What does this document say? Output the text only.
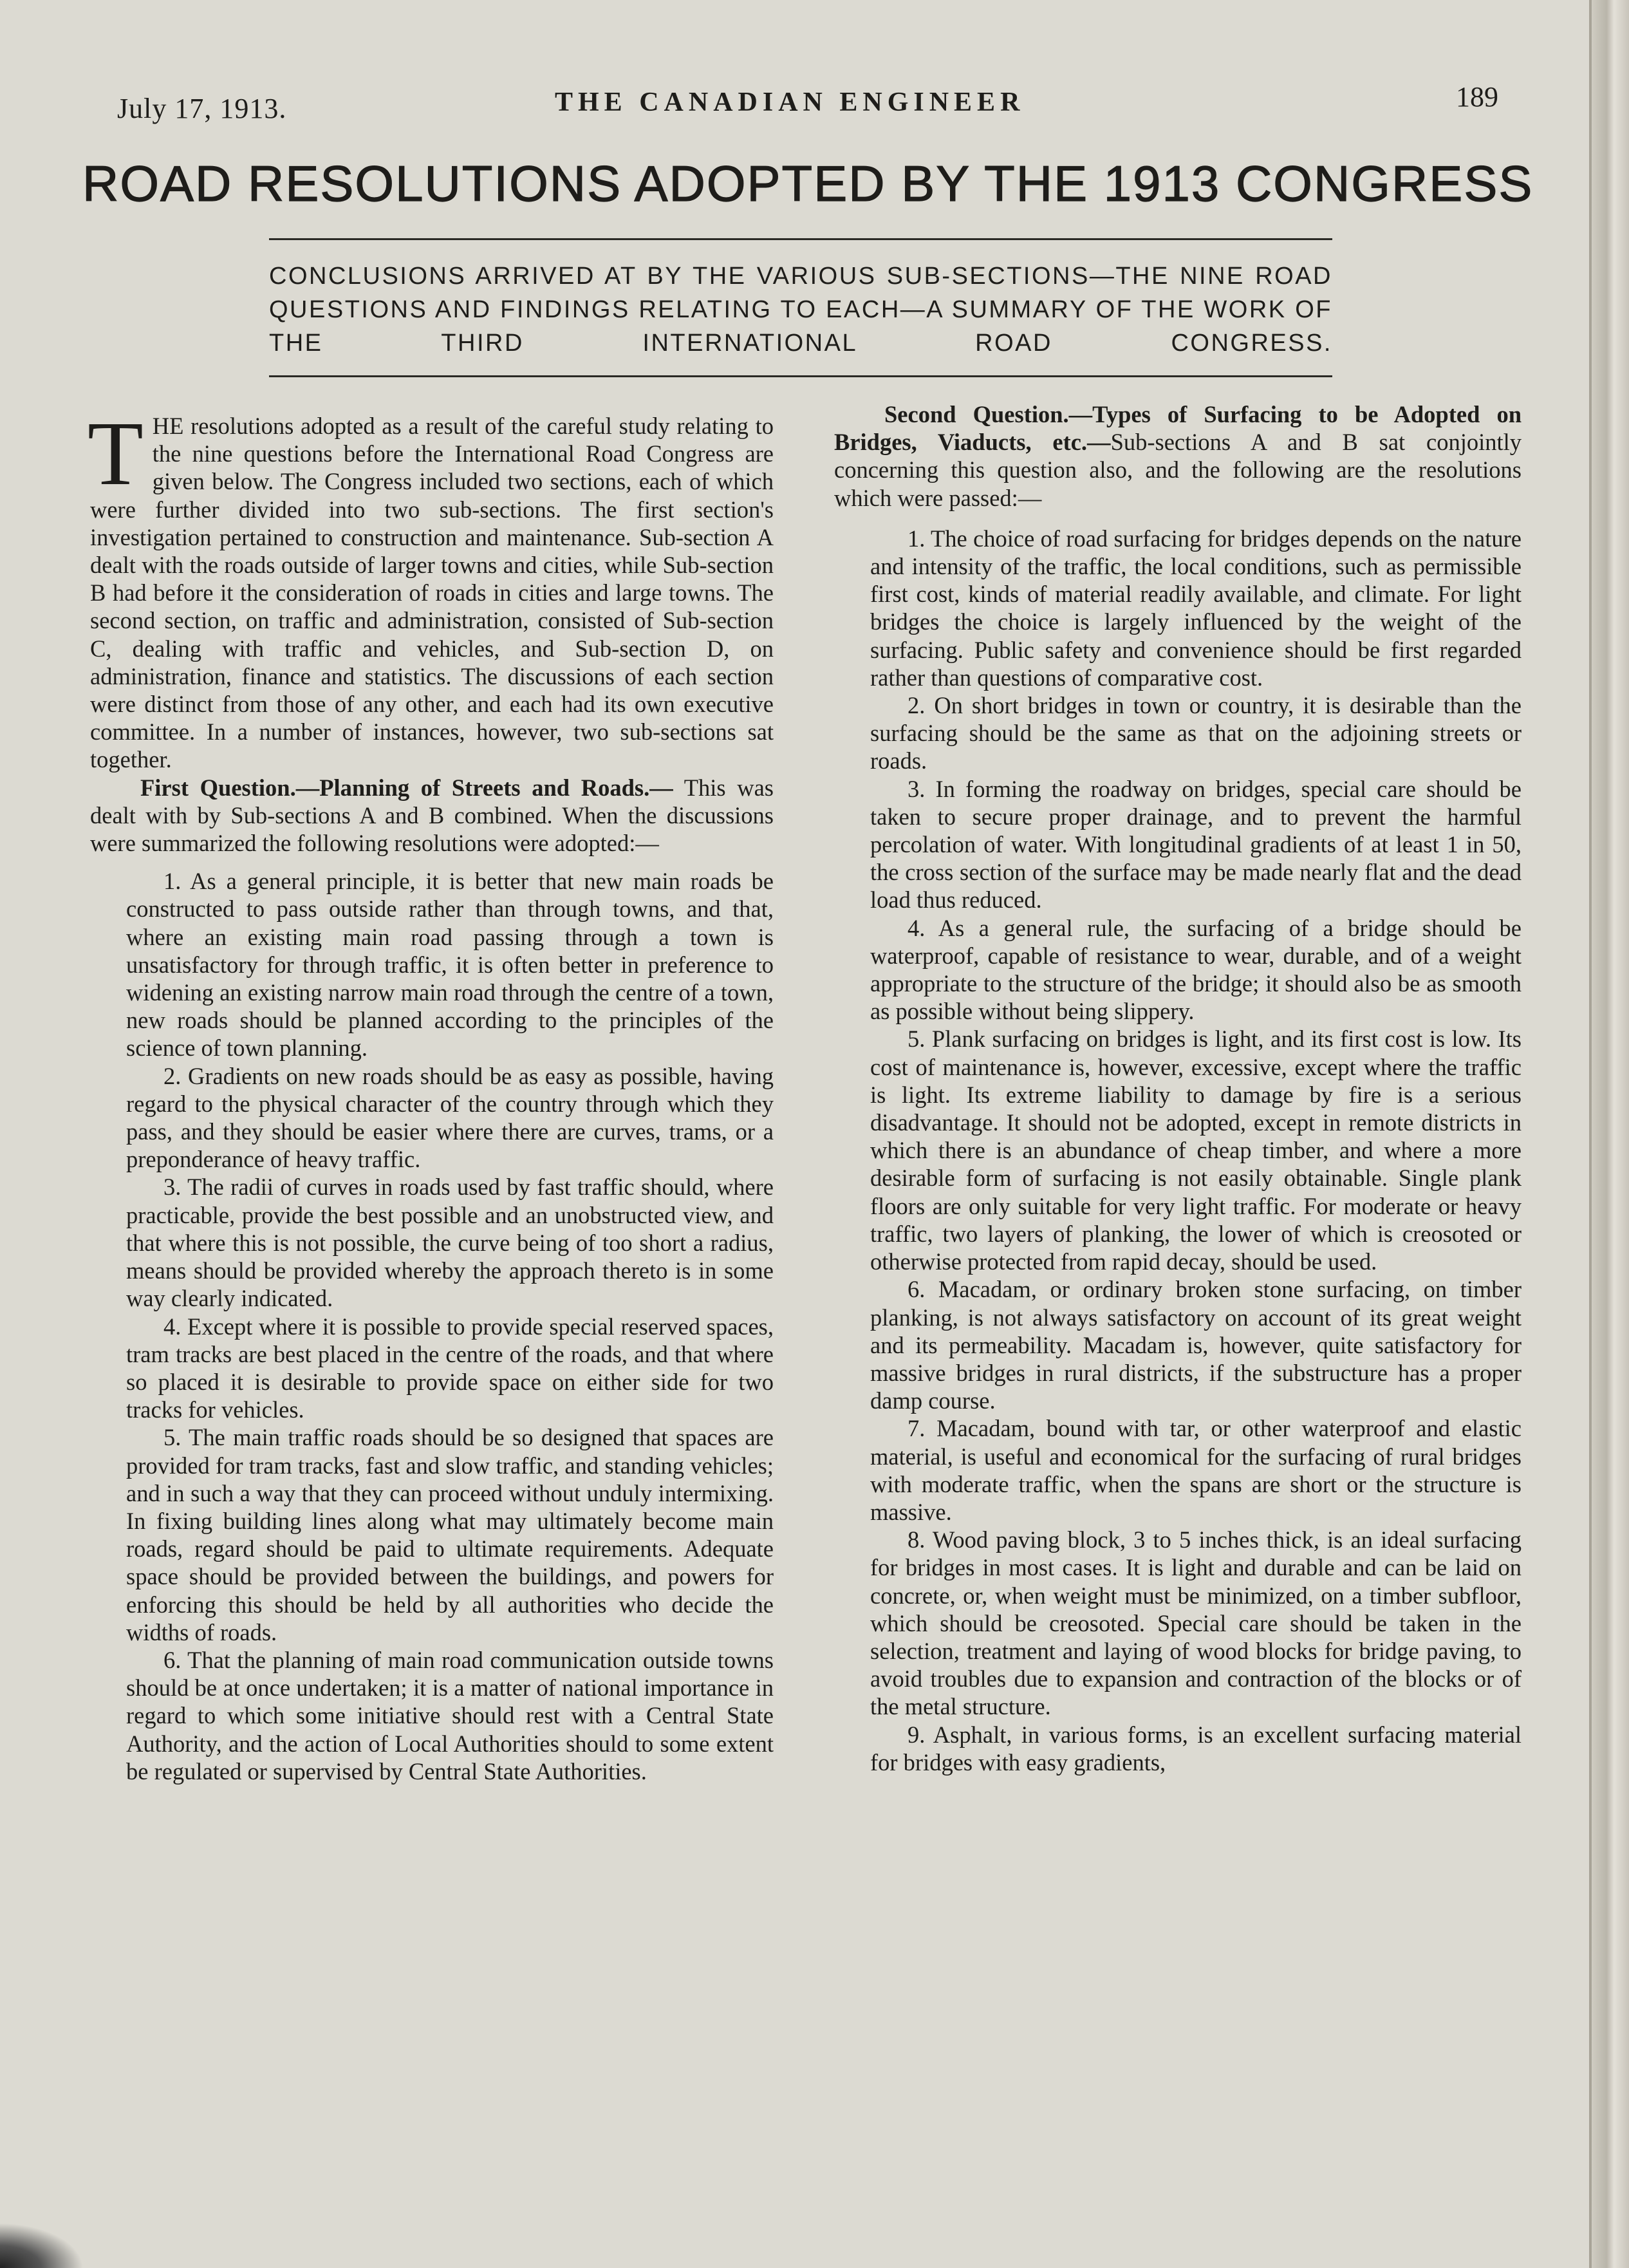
July 17, 1913.	THE CANADIAN ENGINEER	189
ROAD RESOLUTIONS ADOPTED BY THE 1913 CONGRESS

CONCLUSIONS ARRIVED AT BY THE VARIOUS SUB-SECTIONS—THE NINE ROAD QUESTIONS AND FINDINGS RELATING TO EACH—A SUMMARY OF THE WORK OF THE THIRD INTERNATIONAL ROAD CONGRESS.

THE resolutions adopted as a result of the careful study relating to the nine questions before the International Road Congress are given below. The Congress included two sections, each of which were further divided into two sub-sections. The first section's investigation pertained to construction and maintenance. Sub-section A dealt with the roads outside of larger towns and cities, while Sub-section B had before it the consideration of roads in cities and large towns. The second section, on traffic and administration, consisted of Sub-section C, dealing with traffic and vehicles, and Sub-section D, on administration, finance and statistics. The discussions of each section were distinct from those of any other, and each had its own executive committee. In a number of instances, however, two sub-sections sat together.

First Question.—Planning of Streets and Roads.— This was dealt with by Sub-sections A and B combined. When the discussions were summarized the following resolutions were adopted:—

1. As a general principle, it is better that new main roads be constructed to pass outside rather than through towns, and that, where an existing main road passing through a town is unsatisfactory for through traffic, it is often better in preference to widening an existing narrow main road through the centre of a town, new roads should be planned according to the principles of the science of town planning.

2. Gradients on new roads should be as easy as possible, having regard to the physical character of the country through which they pass, and they should be easier where there are curves, trams, or a preponderance of heavy traffic.

3. The radii of curves in roads used by fast traffic should, where practicable, provide the best possible and an unobstructed view, and that where this is not possible, the curve being of too short a radius, means should be provided whereby the approach thereto is in some way clearly indicated.

4. Except where it is possible to provide special reserved spaces, tram tracks are best placed in the centre of the roads, and that where so placed it is desirable to provide space on either side for two tracks for vehicles.

5. The main traffic roads should be so designed that spaces are provided for tram tracks, fast and slow traffic, and standing vehicles; and in such a way that they can proceed without unduly intermixing. In fixing building lines along what may ultimately become main roads, regard should be paid to ultimate requirements. Adequate space should be provided between the buildings, and powers for enforcing this should be held by all authorities who decide the widths of roads.

6. That the planning of main road communication outside towns should be at once undertaken; it is a matter of national importance in regard to which some initiative should rest with a Central State Authority, and the action of Local Authorities should to some extent be regulated or supervised by Central State Authorities.

Second Question.—Types of Surfacing to be Adopted on Bridges, Viaducts, etc.—Sub-sections A and B sat conjointly concerning this question also, and the following are the resolutions which were passed:—

1. The choice of road surfacing for bridges depends on the nature and intensity of the traffic, the local conditions, such as permissible first cost, kinds of material readily available, and climate. For light bridges the choice is largely influenced by the weight of the surfacing. Public safety and convenience should be first regarded rather than questions of comparative cost.

2. On short bridges in town or country, it is desirable than the surfacing should be the same as that on the adjoining streets or roads.

3. In forming the roadway on bridges, special care should be taken to secure proper drainage, and to prevent the harmful percolation of water. With longitudinal gradients of at least 1 in 50, the cross section of the surface may be made nearly flat and the dead load thus reduced.

4. As a general rule, the surfacing of a bridge should be waterproof, capable of resistance to wear, durable, and of a weight appropriate to the structure of the bridge; it should also be as smooth as possible without being slippery.

5. Plank surfacing on bridges is light, and its first cost is low. Its cost of maintenance is, however, excessive, except where the traffic is light. Its extreme liability to damage by fire is a serious disadvantage. It should not be adopted, except in remote districts in which there is an abundance of cheap timber, and where a more desirable form of surfacing is not easily obtainable. Single plank floors are only suitable for very light traffic. For moderate or heavy traffic, two layers of planking, the lower of which is creosoted or otherwise protected from rapid decay, should be used.

6. Macadam, or ordinary broken stone surfacing, on timber planking, is not always satisfactory on account of its great weight and its permeability. Macadam is, however, quite satisfactory for massive bridges in rural districts, if the substructure has a proper damp course.

7. Macadam, bound with tar, or other waterproof and elastic material, is useful and economical for the surfacing of rural bridges with moderate traffic, when the spans are short or the structure is massive.

8. Wood paving block, 3 to 5 inches thick, is an ideal surfacing for bridges in most cases. It is light and durable and can be laid on concrete, or, when weight must be minimized, on a timber subfloor, which should be creosoted. Special care should be taken in the selection, treatment and laying of wood blocks for bridge paving, to avoid troubles due to expansion and contraction of the blocks or of the metal structure.

9. Asphalt, in various forms, is an excellent surfacing material for bridges with easy gradients,
